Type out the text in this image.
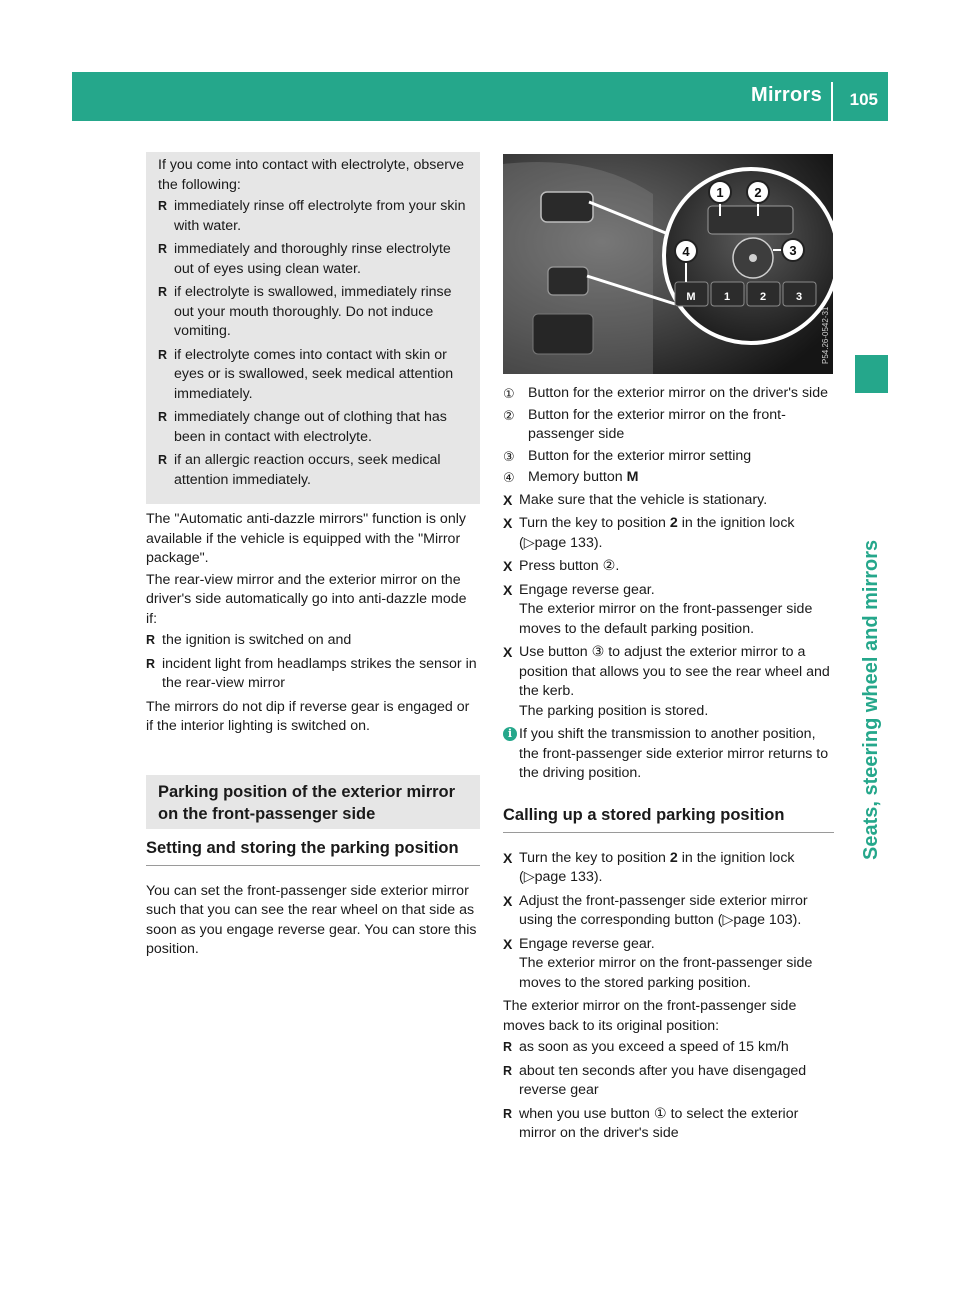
Mirrors 105
Seats, steering wheel and mirrors

If you come into contact with electrolyte, observe the following:

R immediately rinse off electrolyte from your skin with water.
R immediately and thoroughly rinse electrolyte out of eyes using clean water.
R if electrolyte is swallowed, immediately rinse out your mouth thoroughly. Do not induce vomiting.
R if electrolyte comes into contact with skin or eyes or is swallowed, seek medical attention immediately.
R immediately change out of clothing that has been in contact with electrolyte.
R if an allergic reaction occurs, seek medical attention immediately.

The "Automatic anti-dazzle mirrors" function is only available if the vehicle is equipped with the "Mirror package".

The rear-view mirror and the exterior mirror on the driver's side automatically go into anti-dazzle mode if:

R the ignition is switched on and
R incident light from headlamps strikes the sensor in the rear-view mirror

The mirrors do not dip if reverse gear is engaged or if the interior lighting is switched on.

Parking position of the exterior mirror on the front-passenger side
Setting and storing the parking position

You can set the front-passenger side exterior mirror such that you can see the rear wheel on that side as soon as you engage reverse gear. You can store this position.

M	1	2	3
1 2
3
4
P54.26-0542-31
① Button for the exterior mirror on the driver's side
② Button for the exterior mirror on the front-passenger side
③ Button for the exterior mirror setting
④ Memory button M
X Make sure that the vehicle is stationary.
X Turn the key to position 2 in the ignition lock (▷page 133).
X Press button ②.
X Engage reverse gear.
The exterior mirror on the front-passenger side moves to the default parking position.
X Use button ③ to adjust the exterior mirror to a position that allows you to see the rear wheel and the kerb.
The parking position is stored.
i If you shift the transmission to another position, the front-passenger side exterior mirror returns to the driving position.
Calling up a stored parking position
X Turn the key to position 2 in the ignition lock (▷page 133).
X Adjust the front-passenger side exterior mirror using the corresponding button (▷page 103).
X Engage reverse gear.
The exterior mirror on the front-passenger side moves to the stored parking position.

The exterior mirror on the front-passenger side moves back to its original position:

R as soon as you exceed a speed of 15 km/h
R about ten seconds after you have disengaged reverse gear
R when you use button ① to select the exterior mirror on the driver's side
